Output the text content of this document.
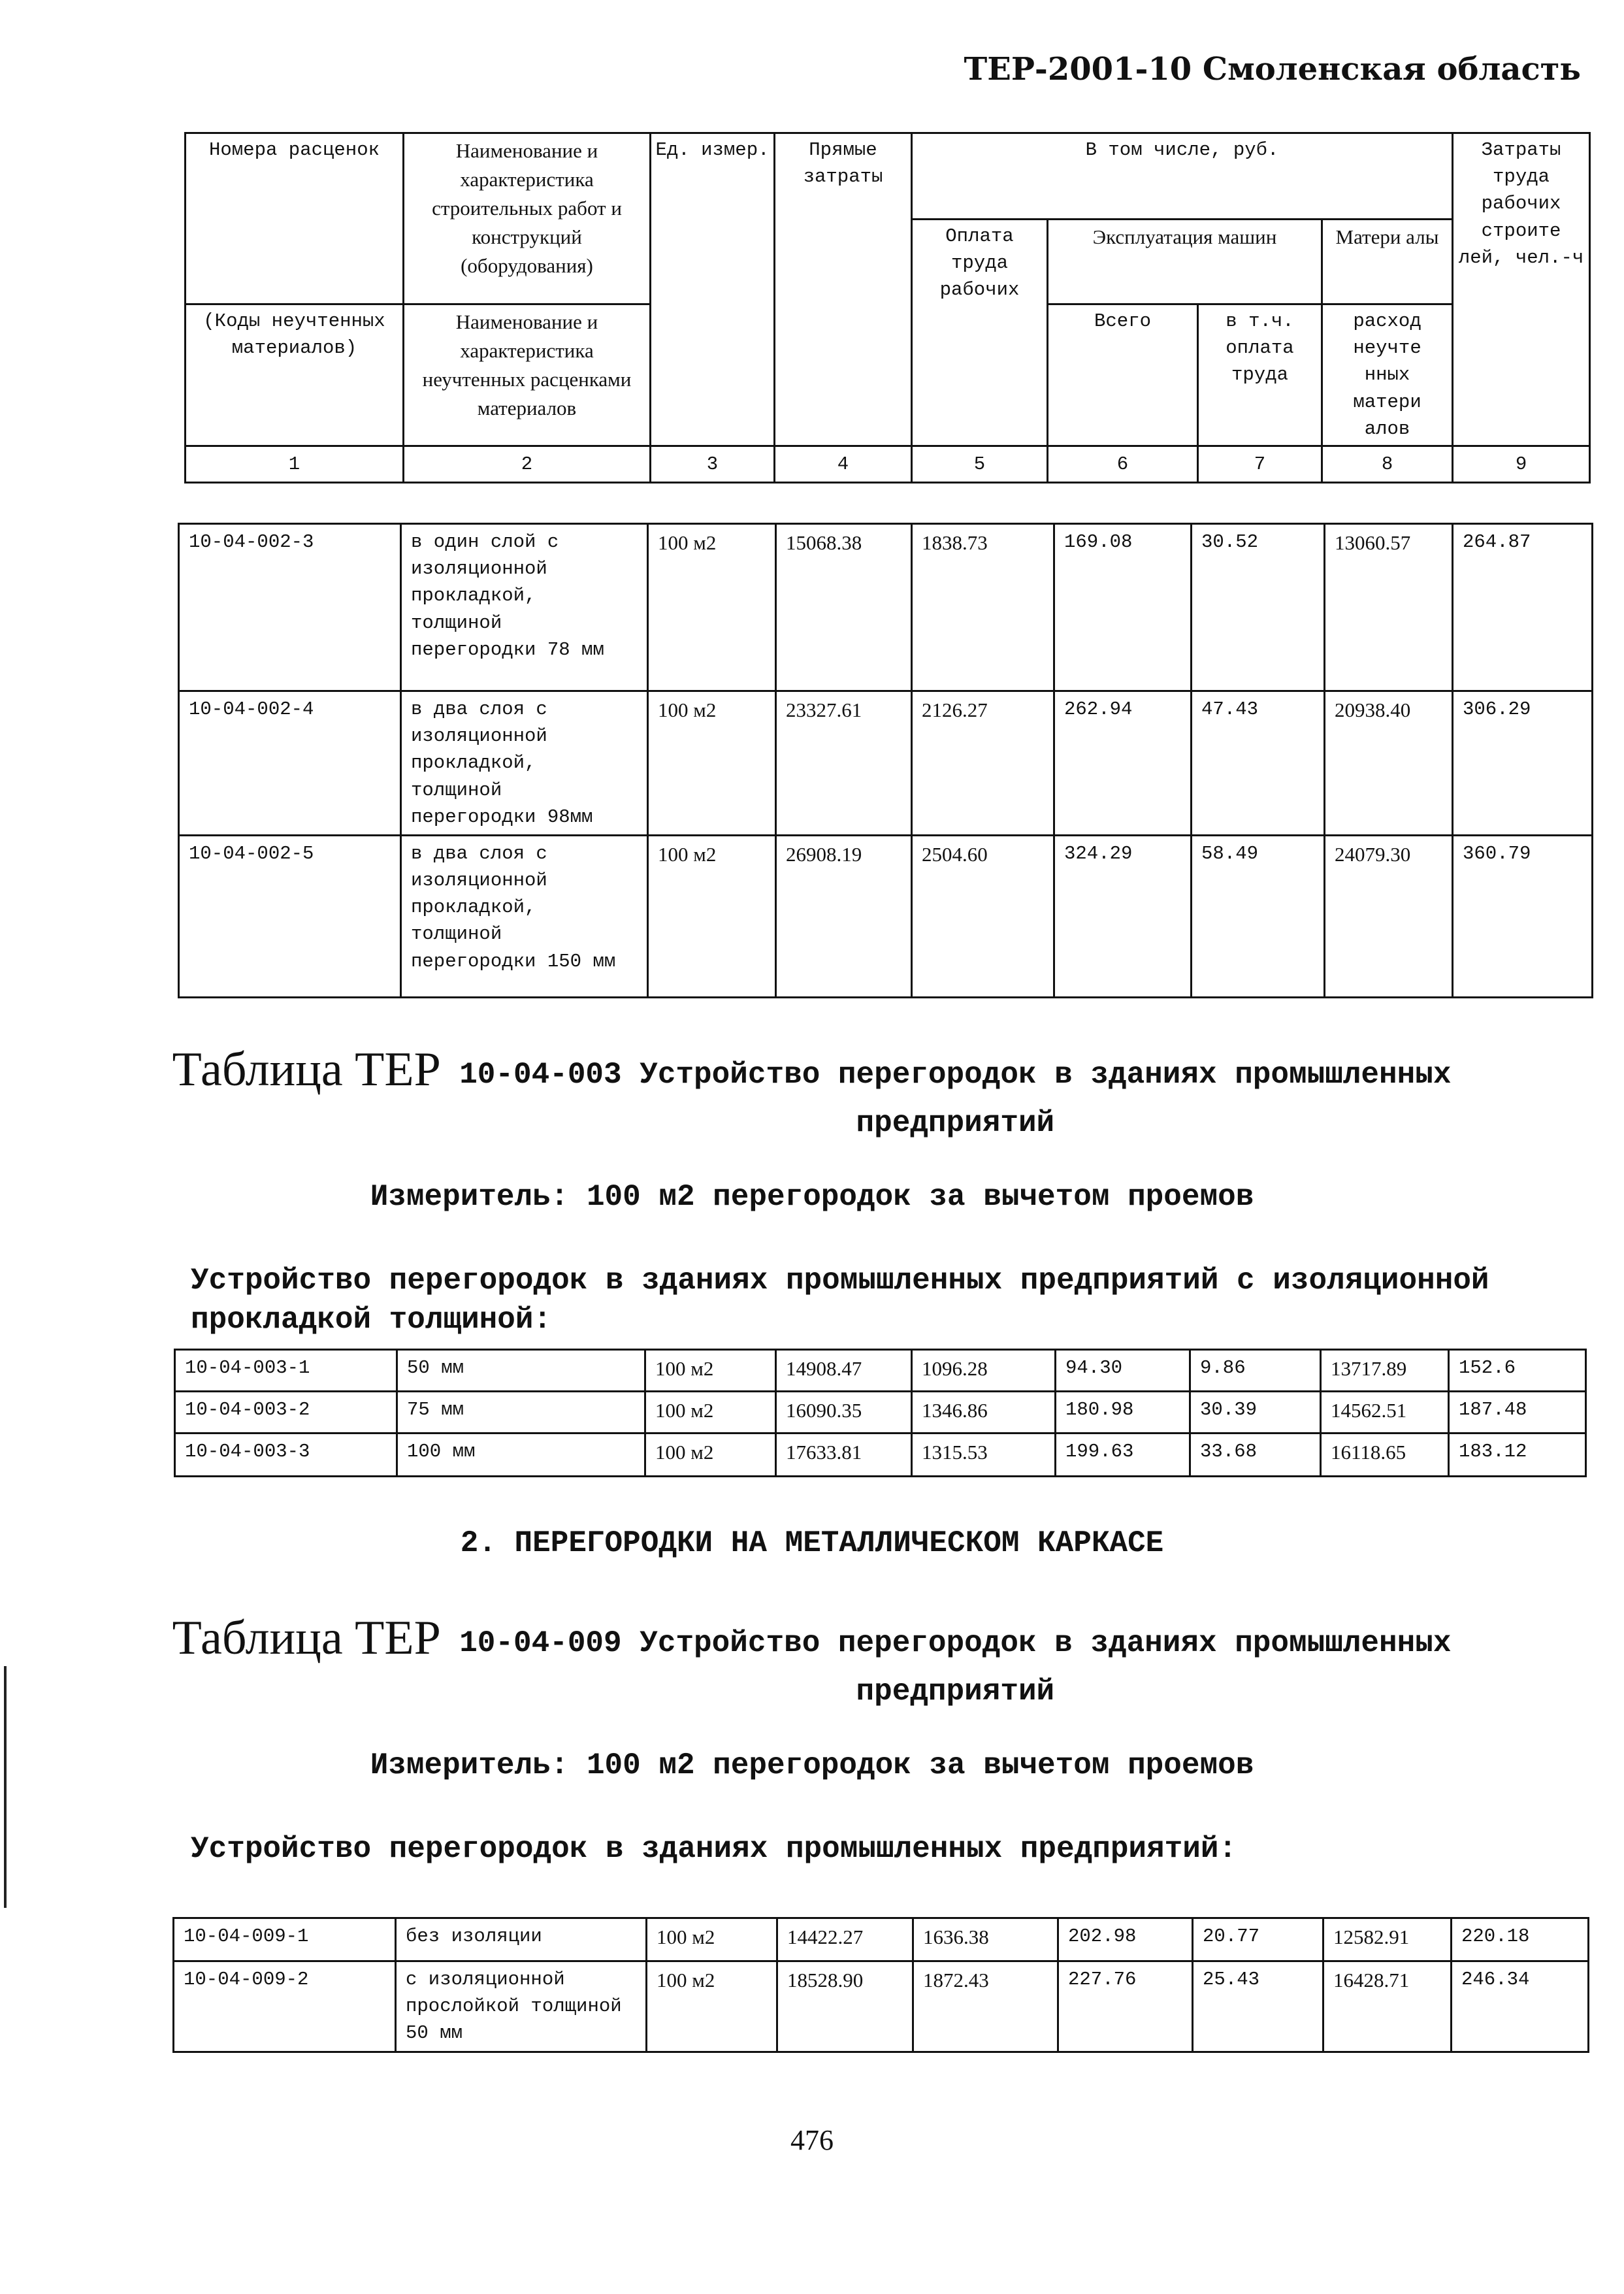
ТЕР-2001-10 Смоленская область
Номера расценок	Наименование и характеристика строительных работ и конструкций (оборудования)	Ед. измер.	Прямые затраты	В том числе, руб.				Затраты труда рабочих строите лей, чел.-ч
				Оплата труда рабочих	Эксплуатация машин		Матери алы	
(Коды неучтенных материалов)	Наименование и характеристика неучтенных расценками материалов				Всего	в т.ч. оплата труда	расход неучте нных матери алов	
1	2	3	4	5	6	7	8	9
10-04-002-3	в один слой с изоляционной прокладкой, толщиной перегородки 78 мм	100 м2	15068.38	1838.73	169.08	30.52	13060.57	264.87
10-04-002-4	в два слоя с изоляционной прокладкой, толщиной перегородки 98мм	100 м2	23327.61	2126.27	262.94	47.43	20938.40	306.29
10-04-002-5	в два слоя с изоляционной прокладкой, толщиной перегородки 150 мм	100 м2	26908.19	2504.60	324.29	58.49	24079.30	360.79
Таблица ТЕР 10-04-003 Устройство перегородок в зданиях промышленных предприятий
Измеритель: 100 м2 перегородок за вычетом проемов
Устройство перегородок в зданиях промышленных предприятий с изоляционной прокладкой толщиной:
10-04-003-1	50 мм	100 м2	14908.47	1096.28	94.30	9.86	13717.89	152.6
10-04-003-2	75 мм	100 м2	16090.35	1346.86	180.98	30.39	14562.51	187.48
10-04-003-3	100 мм	100 м2	17633.81	1315.53	199.63	33.68	16118.65	183.12
2. ПЕРЕГОРОДКИ НА МЕТАЛЛИЧЕСКОМ КАРКАСЕ
Таблица ТЕР 10-04-009 Устройство перегородок в зданиях промышленных предприятий
Измеритель: 100 м2 перегородок за вычетом проемов
Устройство перегородок в зданиях промышленных предприятий:
10-04-009-1	без изоляции	100 м2	14422.27	1636.38	202.98	20.77	12582.91	220.18
10-04-009-2	с изоляционной прослойкой толщиной 50 мм	100 м2	18528.90	1872.43	227.76	25.43	16428.71	246.34
476
